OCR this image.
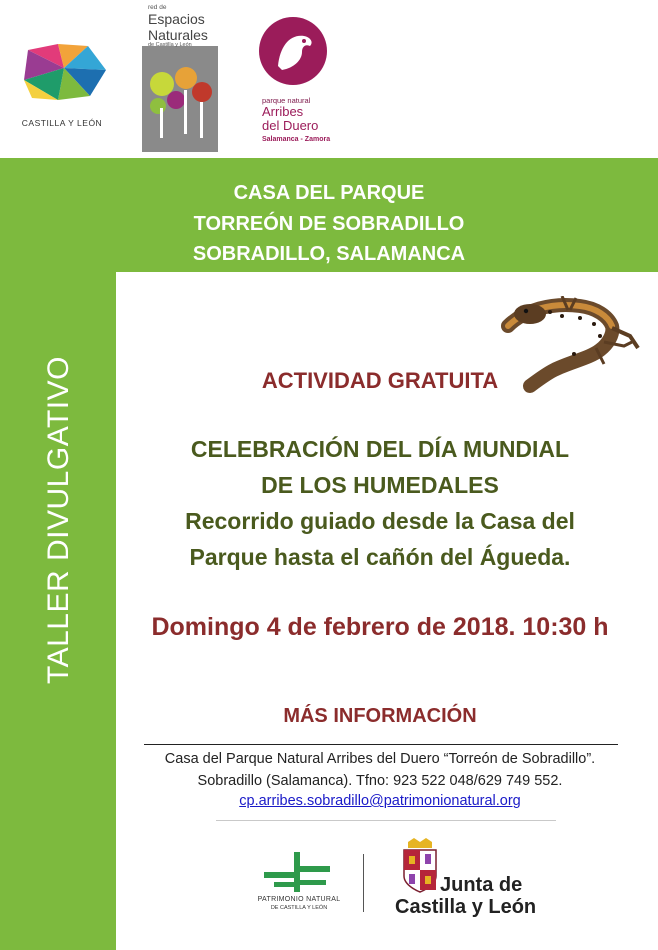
CASTILLA Y LEÓN
red de
Espacios
Naturales
de Castilla y León
parque natural
Arribes
del Duero
Salamanca - Zamora
CASA DEL PARQUE
TORREÓN DE SOBRADILLO
SOBRADILLO, SALAMANCA
TALLER DIVULGATIVO	ACTIVIDAD GRATUITA
CELEBRACIÓN DEL DÍA MUNDIAL
DE LOS HUMEDALES
Recorrido guiado desde la Casa del
Parque hasta el cañón del Águeda.
Domingo 4 de febrero de 2018. 10:30 h
MÁS INFORMACIÓN
Casa del Parque Natural Arribes del Duero “Torreón de Sobradillo”.
Sobradillo (Salamanca). Tfno: 923 522 048/629 749 552.
cp.arribes.sobradillo@patrimonionatural.org
PATRIMONIO NATURAL
DE CASTILLA Y LEÓN
Junta de
Castilla y León
